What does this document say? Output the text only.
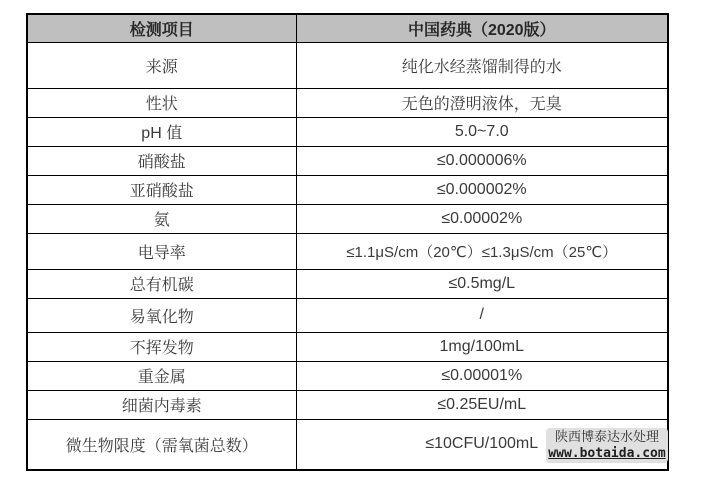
检测项目	中国药典（2020版）
来源	纯化水经蒸馏制得的水
性状	无色的澄明液体，无臭
pH 值	5.0~7.0
硝酸盐	≤0.000006%
亚硝酸盐	≤0.000002%
氨	≤0.00002%
电导率	≤1.1μS/cm（20℃）≤1.3μS/cm（25℃）
总有机碳	≤0.5mg/L
易氧化物	/
不挥发物	1mg/100mL
重金属	≤0.00001%
细菌内毒素	≤0.25EU/mL
微生物限度（需氧菌总数）	≤10CFU/100mL 陕西博泰达水处理
www.botaida.com
